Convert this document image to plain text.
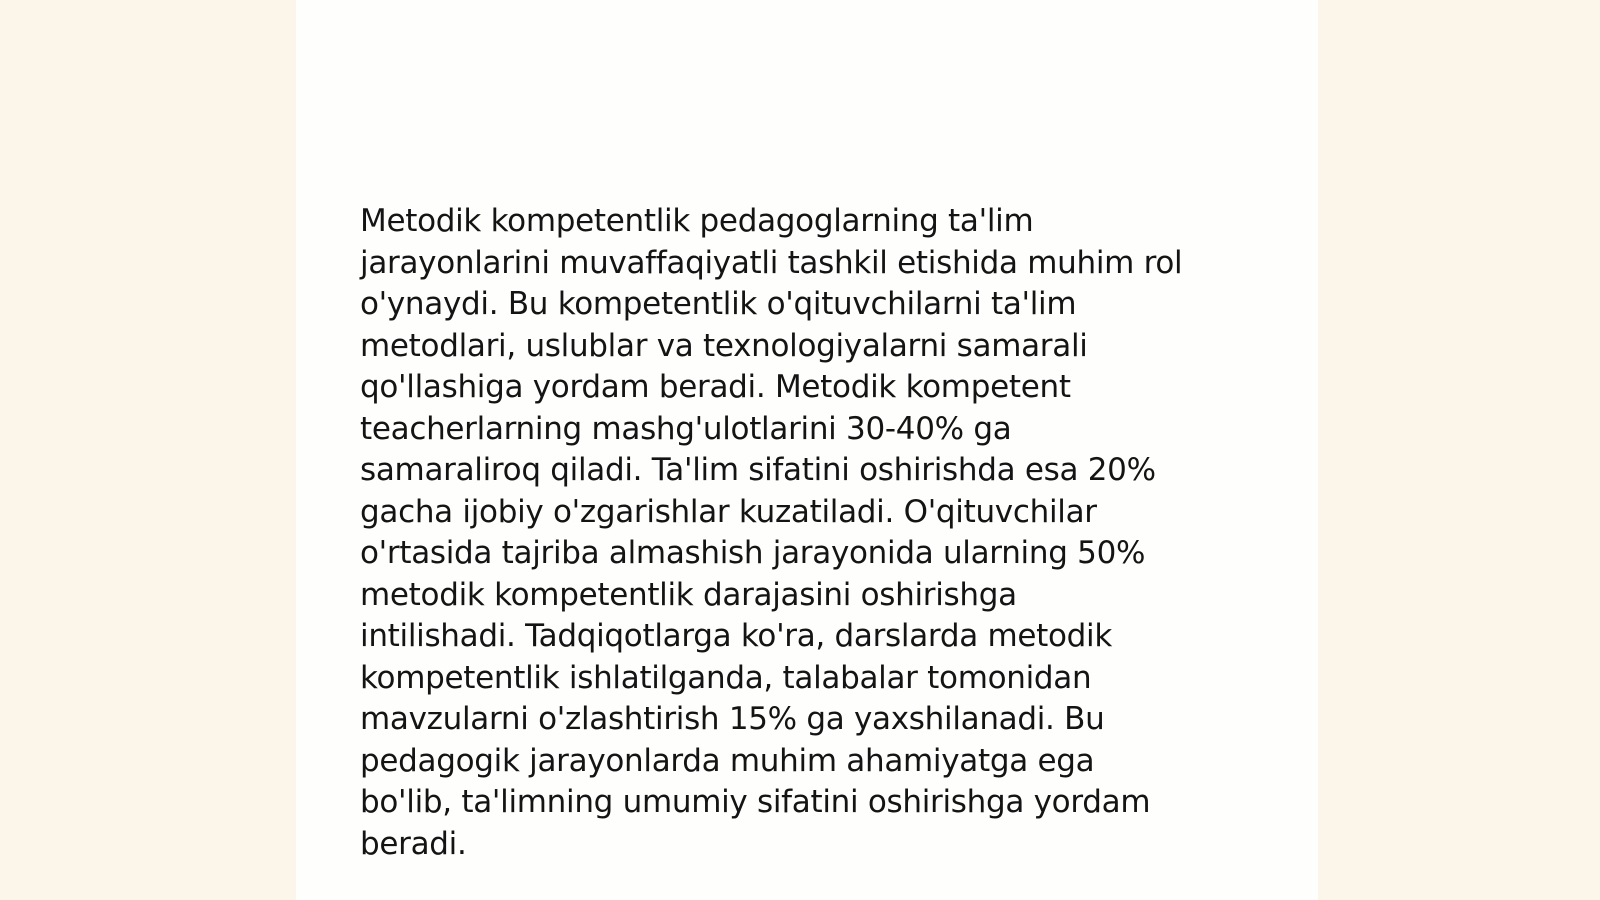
Metodik kompetentlik pedagoglarning ta'lim
jarayonlarini muvaffaqiyatli tashkil etishida muhim rol
o'ynaydi. Bu kompetentlik o'qituvchilarni ta'lim
metodlari, uslublar va texnologiyalarni samarali
qo'llashiga yordam beradi. Metodik kompetent
teacherlarning mashg'ulotlarini 30-40% ga
samaraliroq qiladi. Ta'lim sifatini oshirishda esa 20%
gacha ijobiy o'zgarishlar kuzatiladi. O'qituvchilar
o'rtasida tajriba almashish jarayonida ularning 50%
metodik kompetentlik darajasini oshirishga
intilishadi. Tadqiqotlarga ko'ra, darslarda metodik
kompetentlik ishlatilganda, talabalar tomonidan
mavzularni o'zlashtirish 15% ga yaxshilanadi. Bu
pedagogik jarayonlarda muhim ahamiyatga ega
bo'lib, ta'limning umumiy sifatini oshirishga yordam
beradi.
